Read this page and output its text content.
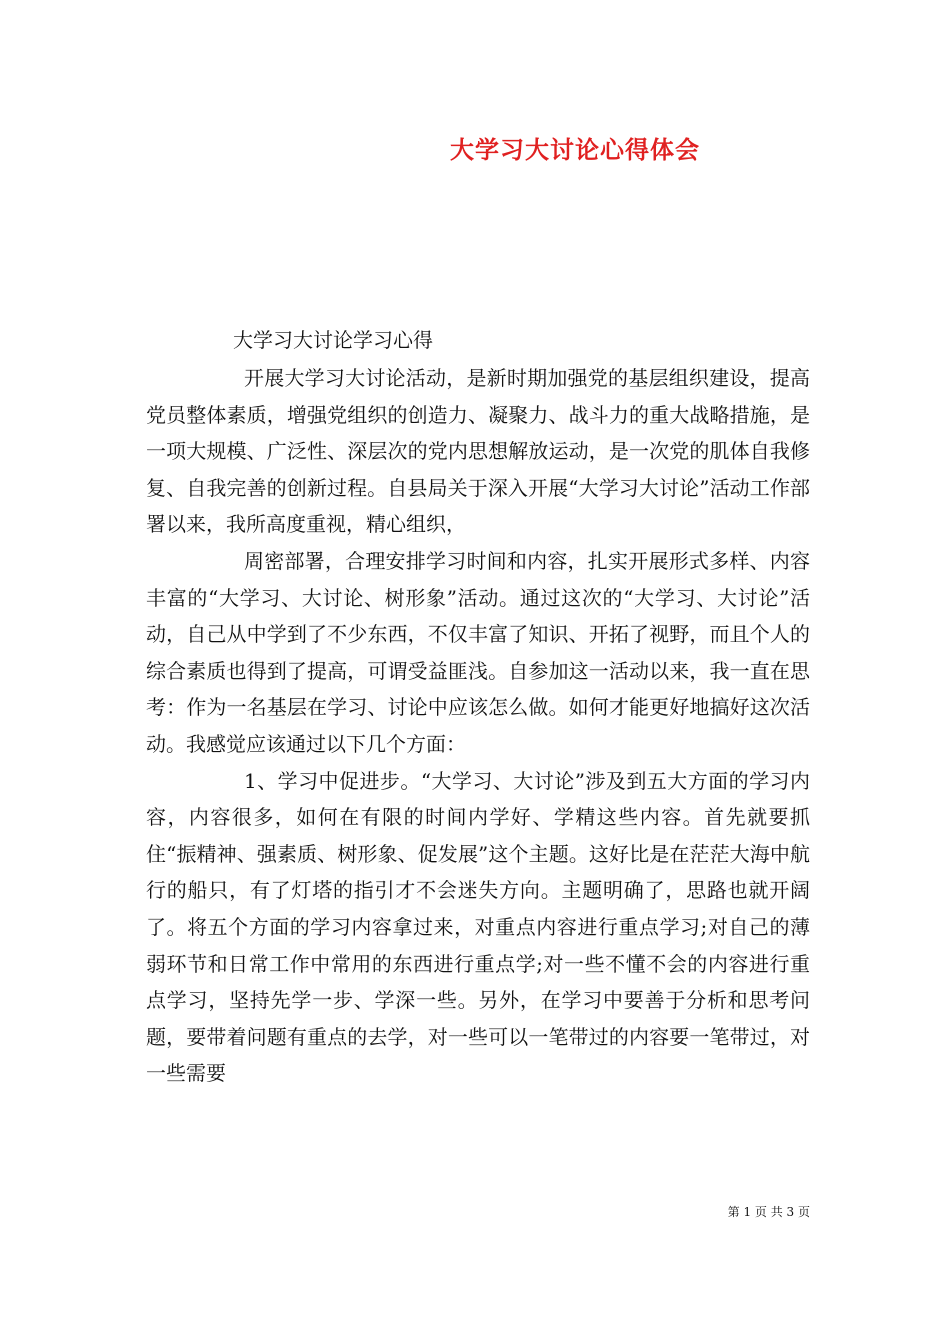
大学习大讨论心得体会
大学习大讨论学习心得

开展大学习大讨论活动，是新时期加强党的基层组织建设，提高党员整体素质，增强党组织的创造力、凝聚力、战斗力的重大战略措施，是一项大规模、广泛性、深层次的党内思想解放运动，是一次党的肌体自我修复、自我完善的创新过程。自县局关于深入开展“大学习大讨论”活动工作部署以来，我所高度重视，精心组织，

周密部署，合理安排学习时间和内容，扎实开展形式多样、内容丰富的“大学习、大讨论、树形象”活动。通过这次的“大学习、大讨论”活动，自己从中学到了不少东西，不仅丰富了知识、开拓了视野，而且个人的综合素质也得到了提高，可谓受益匪浅。自参加这一活动以来，我一直在思考：作为一名基层在学习、讨论中应该怎么做。如何才能更好地搞好这次活动。我感觉应该通过以下几个方面：

1、学习中促进步。“大学习、大讨论”涉及到五大方面的学习内容，内容很多，如何在有限的时间内学好、学精这些内容。首先就要抓住“振精神、强素质、树形象、促发展”这个主题。这好比是在茫茫大海中航行的船只，有了灯塔的指引才不会迷失方向。主题明确了，思路也就开阔了。将五个方面的学习内容拿过来，对重点内容进行重点学习;对自己的薄弱环节和日常工作中常用的东西进行重点学;对一些不懂不会的内容进行重点学习，坚持先学一步、学深一些。另外，在学习中要善于分析和思考问题，要带着问题有重点的去学，对一些可以一笔带过的内容要一笔带过，对一些需要

第 1 页 共 3 页
